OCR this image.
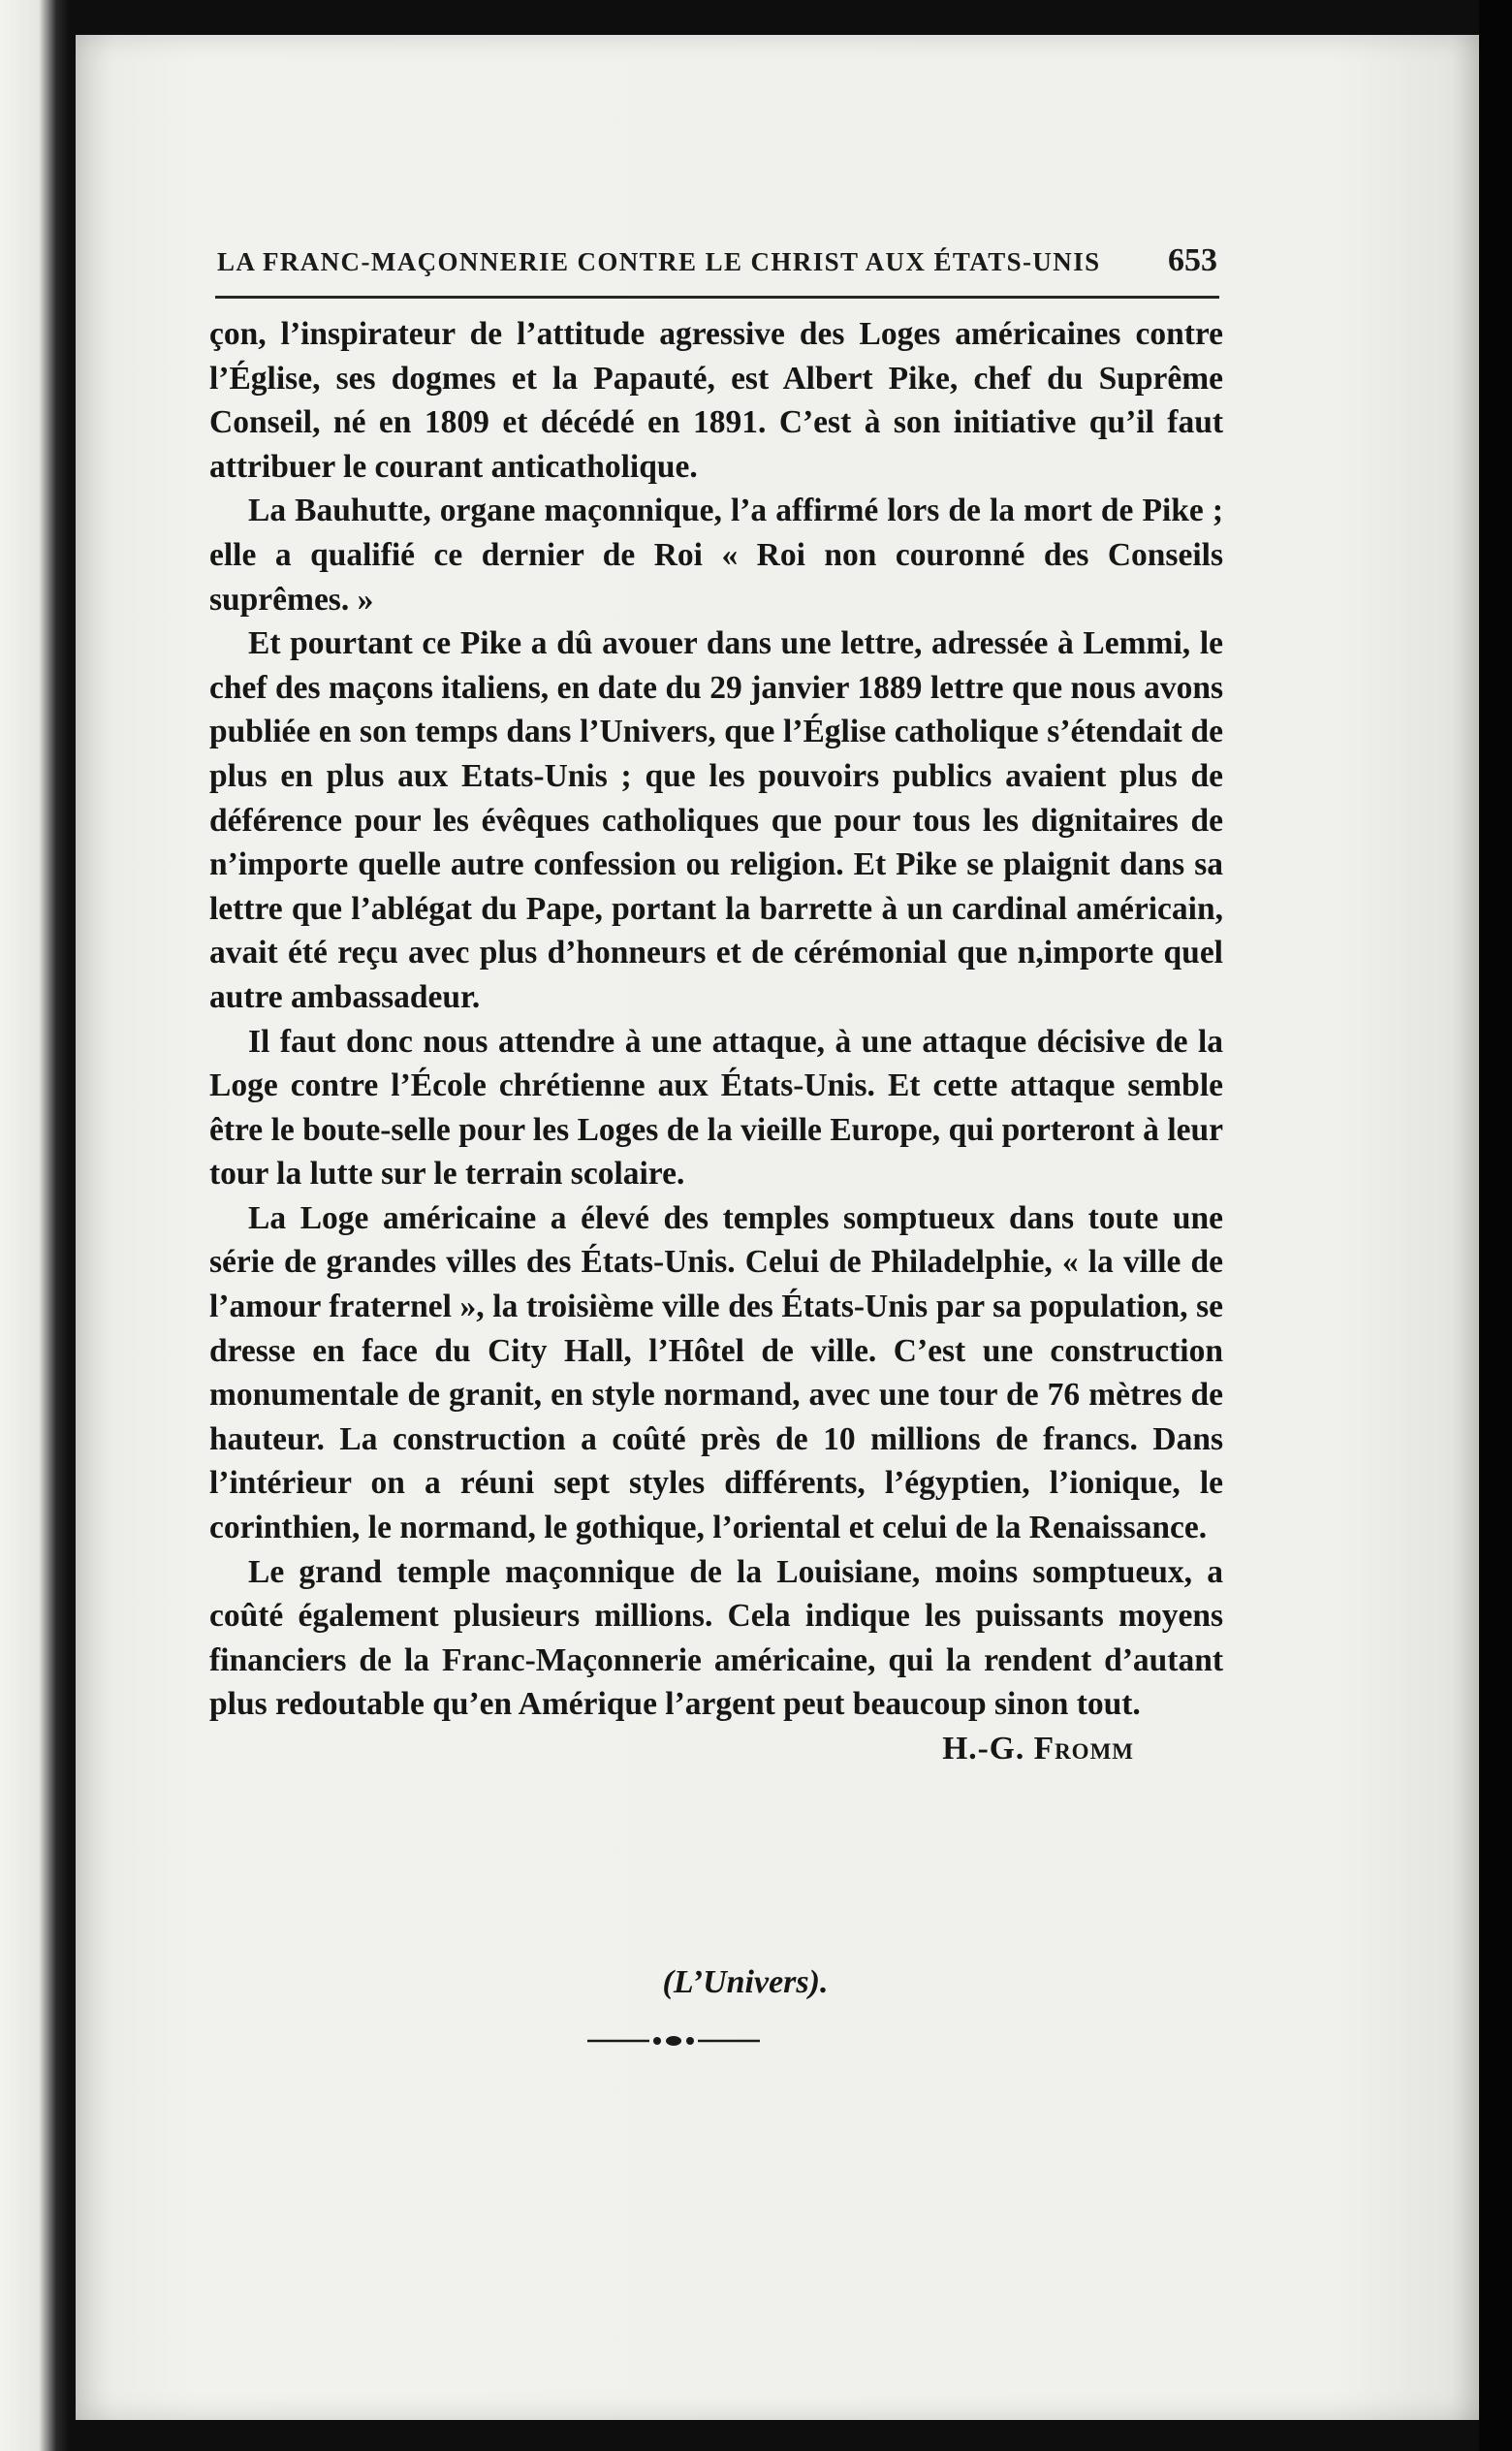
LA FRANC-MAÇONNERIE CONTRE LE CHRIST AUX ÉTATS-UNIS 653

çon, l’inspirateur de l’attitude agressive des Loges américaines contre l’Église, ses dogmes et la Papauté, est Albert Pike, chef du Suprême Conseil, né en 1809 et décédé en 1891. C’est à son initiative qu’il faut attribuer le courant anticatholique.

La Bauhutte, organe maçonnique, l’a affirmé lors de la mort de Pike ; elle a qualifié ce dernier de Roi « Roi non couronné des Conseils suprêmes. »

Et pourtant ce Pike a dû avouer dans une lettre, adressée à Lemmi, le chef des maçons italiens, en date du 29 janvier 1889 lettre que nous avons publiée en son temps dans l’Univers, que l’Église catholique s’étendait de plus en plus aux Etats-Unis ; que les pouvoirs publics avaient plus de déférence pour les évêques catholiques que pour tous les dignitaires de n’importe quelle autre confession ou religion. Et Pike se plaignit dans sa lettre que l’ablégat du Pape, portant la barrette à un cardinal américain, avait été reçu avec plus d’honneurs et de cérémonial que n,importe quel autre ambassadeur.

Il faut donc nous attendre à une attaque, à une attaque décisive de la Loge contre l’École chrétienne aux États-Unis. Et cette attaque semble être le boute-selle pour les Loges de la vieille Europe, qui porteront à leur tour la lutte sur le terrain scolaire.

La Loge américaine a élevé des temples somptueux dans toute une série de grandes villes des États-Unis. Celui de Philadelphie, « la ville de l’amour fraternel », la troisième ville des États-Unis par sa population, se dresse en face du City Hall, l’Hôtel de ville. C’est une construction monumentale de granit, en style normand, avec une tour de 76 mètres de hauteur. La construction a coûté près de 10 millions de francs. Dans l’intérieur on a réuni sept styles différents, l’égyptien, l’ionique, le corinthien, le normand, le gothique, l’oriental et celui de la Renaissance.

Le grand temple maçonnique de la Louisiane, moins somptueux, a coûté également plusieurs millions. Cela indique les puissants moyens financiers de la Franc-Maçonnerie américaine, qui la rendent d’autant plus redoutable qu’en Amérique l’argent peut beaucoup sinon tout.

H.-G. Fromm
(L’Univers).
